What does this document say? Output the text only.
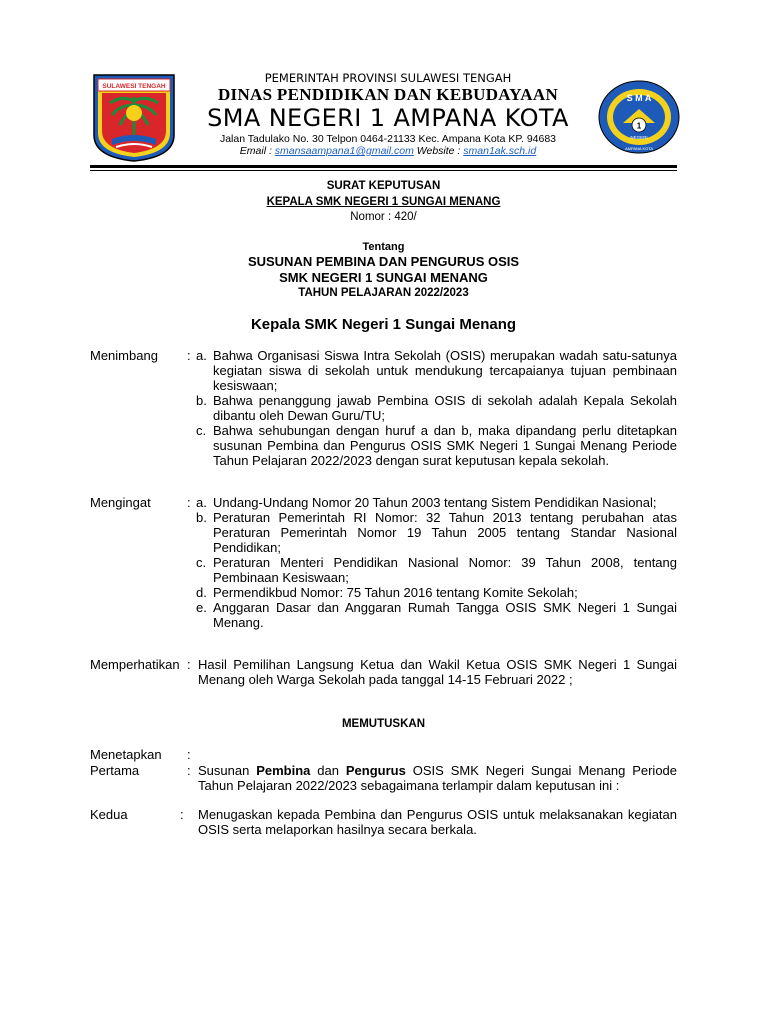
SULAWESI TENGAH
S M A
1
NEGERI
AMPANA KOTA
PEMERINTAH PROVINSI SULAWESI TENGAH
DINAS PENDIDIKAN DAN KEBUDAYAAN
SMA NEGERI 1 AMPANA KOTA
Jalan Tadulako No. 30 Telpon 0464-21133 Kec. Ampana Kota KP. 94683
Email : smansaampana1@gmail.com Website : sman1ak.sch.id
SURAT KEPUTUSAN
KEPALA SMK NEGERI 1 SUNGAI MENANG
Nomor : 420/
Tentang
SUSUNAN PEMBINA DAN PENGURUS OSIS
SMK NEGERI 1 SUNGAI MENANG
TAHUN PELAJARAN 2022/2023
Kepala SMK Negeri 1 Sungai Menang
Menimbang : a. Bahwa Organisasi Siswa Intra Sekolah (OSIS) merupakan wadah satu-satunya kegiatan siswa di sekolah untuk mendukung tercapaianya tujuan pembinaan kesiswaan;
b. Bahwa penanggung jawab Pembina OSIS di sekolah adalah Kepala Sekolah dibantu oleh Dewan Guru/TU;
c. Bahwa sehubungan dengan huruf a dan b, maka dipandang perlu ditetapkan susunan Pembina dan Pengurus OSIS SMK Negeri 1 Sungai Menang Periode Tahun Pelajaran 2022/2023 dengan surat keputusan kepala sekolah.
Mengingat	: a. Undang-Undang Nomor 20 Tahun 2003 tentang Sistem Pendidikan Nasional;
b. Peraturan Pemerintah RI Nomor: 32 Tahun 2013 tentang perubahan atas Peraturan Pemerintah Nomor 19 Tahun 2005 tentang Standar Nasional Pendidikan;
c. Peraturan Menteri Pendidikan Nasional Nomor: 39 Tahun 2008, tentang Pembinaan Kesiswaan;
d. Permendikbud Nomor: 75 Tahun 2016 tentang Komite Sekolah;
e. Anggaran Dasar dan Anggaran Rumah Tangga OSIS SMK Negeri 1 Sungai Menang.
Memperhatikan : Hasil Pemilihan Langsung Ketua dan Wakil Ketua OSIS SMK Negeri 1 Sungai Menang oleh Warga Sekolah pada tanggal 14-15 Februari 2022 ;
MEMUTUSKAN
Menetapkan :
Pertama	: Susunan Pembina dan Pengurus OSIS SMK Negeri Sungai Menang Periode Tahun Pelajaran 2022/2023 sebagaimana terlampir dalam keputusan ini :
Kedua	: Menugaskan kepada Pembina dan Pengurus OSIS untuk melaksanakan kegiatan OSIS serta melaporkan hasilnya secara berkala.
